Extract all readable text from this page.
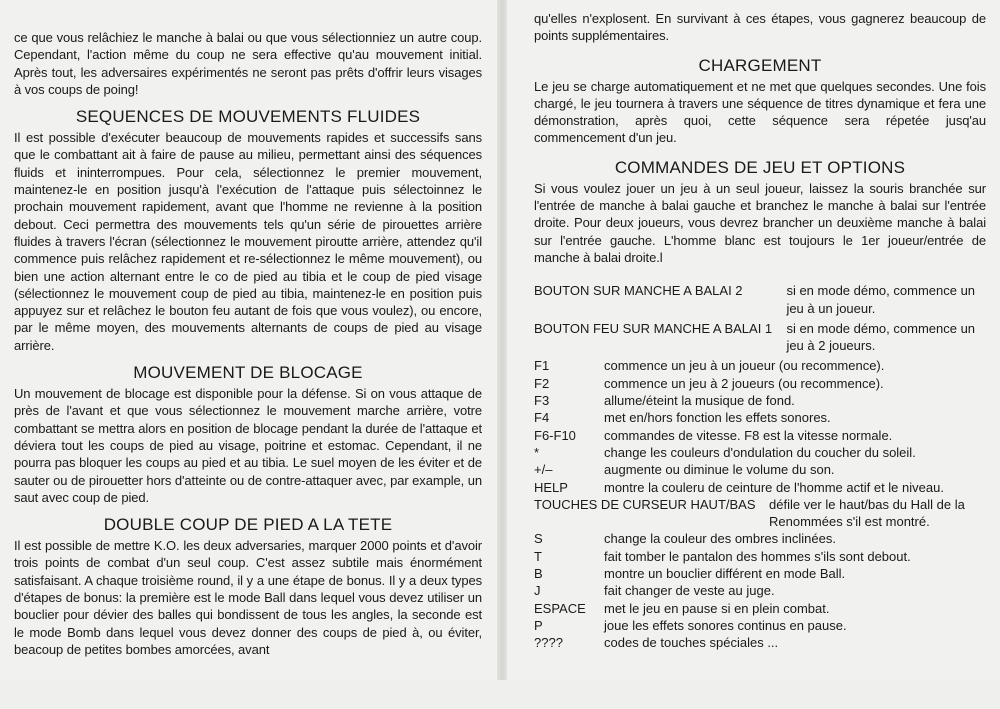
ce que vous relâchiez le manche à balai ou que vous sélectionniez un autre coup. Cependant, l'action même du coup ne sera effective qu'au mouvement initial. Après tout, les adversaires expérimentés ne seront pas prêts d'offrir leurs visages à vos coups de poing!

SEQUENCES DE MOUVEMENTS FLUIDES

Il est possible d'exécuter beaucoup de mouvements rapides et successifs sans que le combattant ait à faire de pause au milieu, permettant ainsi des séquences fluids et ininterrompues. Pour cela, sélectionnez le premier mouvement, maintenez-le en position jusqu'à l'exécution de l'attaque puis sélectoinnez le prochain mouvement rapidement, avant que l'homme ne revienne à la position debout. Ceci permettra des mouvements tels qu'un série de pirouettes arrière fluides à travers l'écran (sélectionnez le mouvement piroutte arrière, attendez qu'il commence puis relâchez rapidement et re-sélectionnez le même mouvement), ou bien une action alternant entre le co de pied au tibia et le coup de pied visage (sélectionnez le mouvement coup de pied au tibia, maintenez-le en position puis appuyez sur et relâchez le bouton feu autant de fois que vous voulez), ou encore, par le même moyen, des mouvements alternants de coups de pied au visage arrière.

MOUVEMENT DE BLOCAGE

Un mouvement de blocage est disponible pour la défense. Si on vous attaque de près de l'avant et que vous sélectionnez le mouvement marche arrière, votre combattant se mettra alors en position de blocage pendant la durée de l'attaque et déviera tout les coups de pied au visage, poitrine et estomac. Cependant, il ne pourra pas bloquer les coups au pied et au tibia. Le suel moyen de les éviter et de sauter ou de pirouetter hors d'atteinte ou de contre-attaquer avec, par example, un saut avec coup de pied.

DOUBLE COUP DE PIED A LA TETE

Il est possible de mettre K.O. les deux adversaries, marquer 2000 points et d'avoir trois points de combat d'un seul coup. C'est assez subtile mais énormément satisfaisant. A chaque troisième round, il y a une étape de bonus. Il y a deux types d'étapes de bonus: la première est le mode Ball dans lequel vous devez utiliser un bouclier pour dévier des balles qui bondissent de tous les angles, la seconde est le mode Bomb dans lequel vous devez donner des coups de pied à, ou éviter, beacoup de petites bombes amorcées, avant

qu'elles n'explosent. En survivant à ces étapes, vous gagnerez beaucoup de points supplémentaires.

CHARGEMENT

Le jeu se charge automatiquement et ne met que quelques secondes. Une fois chargé, le jeu tournera à travers une séquence de titres dynamique et fera une démonstration, après quoi, cette séquence sera répetée jusq'au commencement d'un jeu.

COMMANDES DE JEU ET OPTIONS

Si vous voulez jouer un jeu à un seul joueur, laissez la souris branchée sur l'entrée de manche à balai gauche et branchez le manche à balai sur l'entrée droite. Pour deux joueurs, vous devrez brancher un deuxième manche à balai sur l'entrée gauche. L'homme blanc est toujours le 1er joueur/entrée de manche à balai droite.l

BOUTON SUR MANCHE A BALAI 2	si en mode démo, commence un jeu à un joueur.
BOUTON FEU SUR MANCHE A BALAI 1	si en mode démo, commence un jeu à 2 joueurs.
F1	commence un jeu à un joueur (ou recommence).
F2	commence un jeu à 2 joueurs (ou recommence).
F3	allume/éteint la musique de fond.
F4	met en/hors fonction les effets sonores.
F6-F10	commandes de vitesse. F8 est la vitesse normale.
*	change les couleurs d'ondulation du coucher du soleil.
+/–	augmente ou diminue le volume du son.
HELP	montre la couleru de ceinture de l'homme actif et le niveau.
TOUCHES DE CURSEUR HAUT/BAS	défile ver le haut/bas du Hall de la Renommées s'il est montré.
S	change la couleur des ombres inclinées.
T	fait tomber le pantalon des hommes s'ils sont debout.
B	montre un bouclier différent en mode Ball.
J	fait changer de veste au juge.
ESPACE	met le jeu en pause si en plein combat.
P	joue les effets sonores continus en pause.
????	codes de touches spéciales ...
